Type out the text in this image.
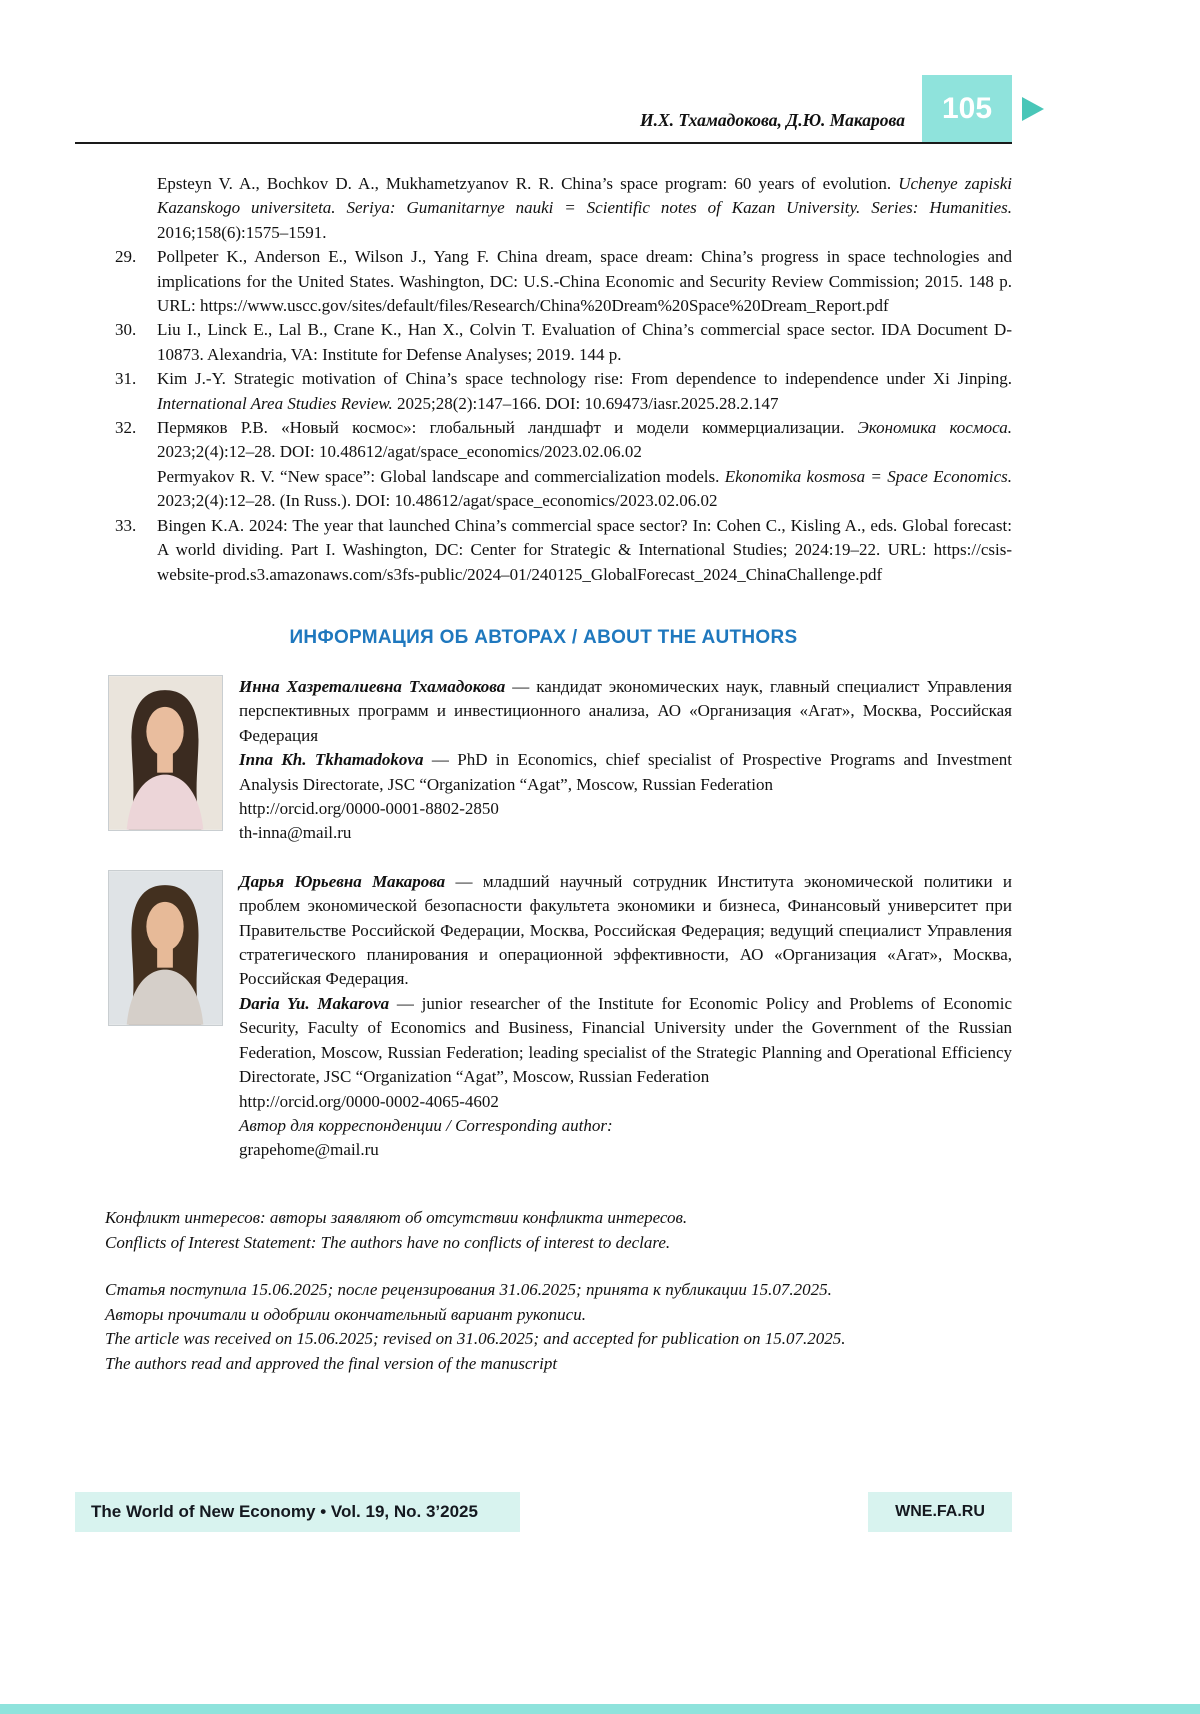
И.Х. Тхамадокова, Д.Ю. Макарова 105
Epsteyn V. A., Bochkov D. A., Mukhametzyanov R. R. China’s space program: 60 years of evolution. Uchenye zapiski Kazanskogo universiteta. Seriya: Gumanitarnye nauki = Scientific notes of Kazan University. Series: Humanities. 2016;158(6):1575–1591.
29.	Pollpeter K., Anderson E., Wilson J., Yang F. China dream, space dream: China’s progress in space technologies and implications for the United States. Washington, DC: U.S.-China Economic and Security Review Commission; 2015. 148 p. URL: https://www.uscc.gov/sites/default/files/Research/China%20Dream%20Space%20Dream_Report.pdf
30.	Liu I., Linck E., Lal B., Crane K., Han X., Colvin T. Evaluation of China’s commercial space sector. IDA Document D-10873. Alexandria, VA: Institute for Defense Analyses; 2019. 144 p.
31.	Kim J.-Y. Strategic motivation of China’s space technology rise: From dependence to independence under Xi Jinping. International Area Studies Review. 2025;28(2):147–166. DOI: 10.69473/iasr.2025.28.2.147
32.	Пермяков Р.В. «Новый космос»: глобальный ландшафт и модели коммерциализации. Экономика космоса. 2023;2(4):12–28. DOI: 10.48612/agat/space_economics/2023.02.06.02
Permyakov R. V. “New space”: Global landscape and commercialization models. Ekonomika kosmosa = Space Economics. 2023;2(4):12–28. (In Russ.). DOI: 10.48612/agat/space_economics/2023.02.06.02
33.	Bingen K.A. 2024: The year that launched China’s commercial space sector? In: Cohen C., Kisling A., eds. Global forecast: A world dividing. Part I. Washington, DC: Center for Strategic & International Studies; 2024:19–22. URL: https://csis-website-prod.s3.amazonaws.com/s3fs-public/2024–01/240125_GlobalForecast_2024_ChinaChallenge.pdf
ИНФОРМАЦИЯ ОБ АВТОРАХ / ABOUT THE AUTHORS
Инна Хазреталиевна Тхамадокова — кандидат экономических наук, главный специалист Управления перспективных программ и инвестиционного анализа, АО «Организация «Агат», Москва, Российская Федерация
Inna Kh. Tkhamadokova — PhD in Economics, chief specialist of Prospective Programs and Investment Analysis Directorate, JSC “Organization “Agat”, Moscow, Russian Federation
http://orcid.org/0000-0001-8802-2850
th-inna@mail.ru
Дарья Юрьевна Макарова — младший научный сотрудник Института экономической политики и проблем экономической безопасности факультета экономики и бизнеса, Финансовый университет при Правительстве Российской Федерации, Москва, Российская Федерация; ведущий специалист Управления стратегического планирования и операционной эффективности, АО «Организация «Агат», Москва, Российская Федерация.
Daria Yu. Makarova — junior researcher of the Institute for Economic Policy and Problems of Economic Security, Faculty of Economics and Business, Financial University under the Government of the Russian Federation, Moscow, Russian Federation; leading specialist of the Strategic Planning and Operational Efficiency Directorate, JSC “Organization “Agat”, Moscow, Russian Federation
http://orcid.org/0000-0002-4065-4602
Автор для корреспонденции / Corresponding author:
grapehome@mail.ru
Конфликт интересов: авторы заявляют об отсутствии конфликта интересов.
Conflicts of Interest Statement: The authors have no conflicts of interest to declare.
Статья поступила 15.06.2025; после рецензирования 31.06.2025; принята к публикации 15.07.2025.
Авторы прочитали и одобрили окончательный вариант рукописи.
The article was received on 15.06.2025; revised on 31.06.2025; and accepted for publication on 15.07.2025.
The authors read and approved the final version of the manuscript
The World of New Economy • Vol. 19, No. 3’2025	WNE.FA.RU
